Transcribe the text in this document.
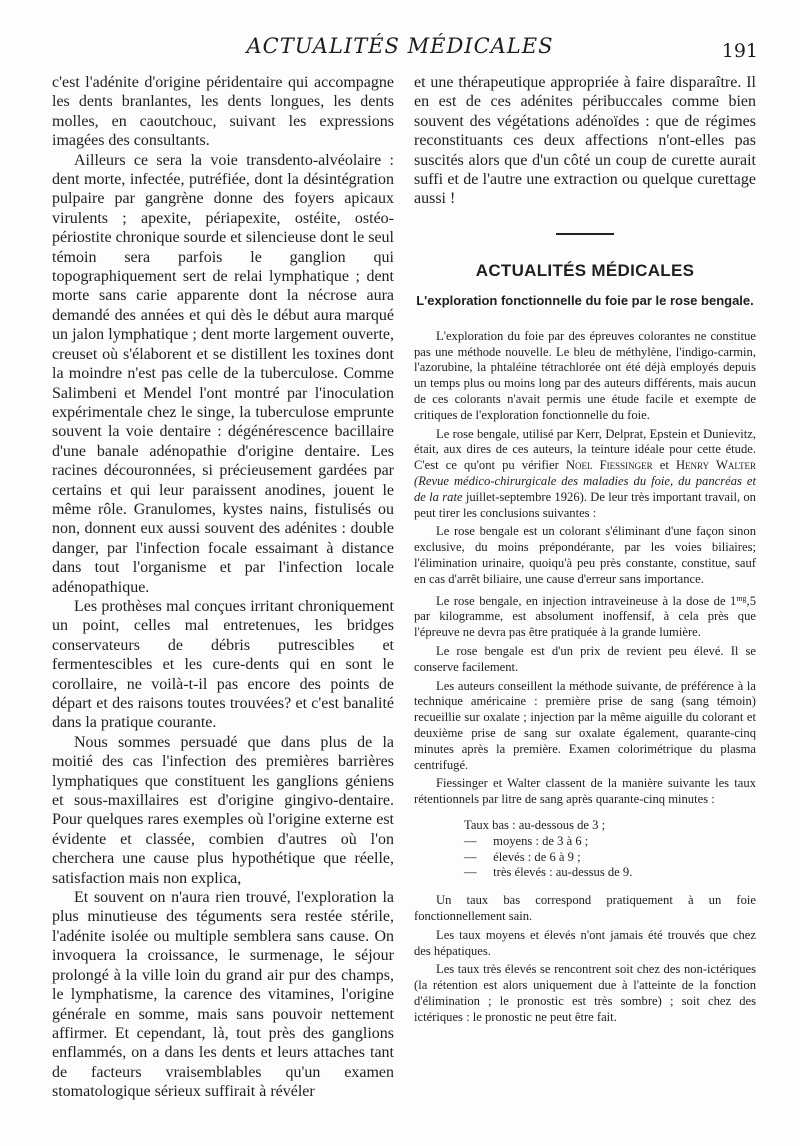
ACTUALITÉS MÉDICALES	191

c'est l'adénite d'origine péridentaire qui accompagne les dents branlantes, les dents longues, les dents molles, en caoutchouc, suivant les expressions imagées des consultants.

Ailleurs ce sera la voie transdento-alvéolaire : dent morte, infectée, putréfiée, dont la désintégration pulpaire par gangrène donne des foyers apicaux virulents ; apexite, périapexite, ostéite, ostéo-périostite chronique sourde et silencieuse dont le seul témoin sera parfois le ganglion qui topographiquement sert de relai lymphatique ; dent morte sans carie apparente dont la nécrose aura demandé des années et qui dès le début aura marqué un jalon lymphatique ; dent morte largement ouverte, creuset où s'élaborent et se distillent les toxines dont la moindre n'est pas celle de la tuberculose. Comme Salimbeni et Mendel l'ont montré par l'inoculation expérimentale chez le singe, la tuberculose emprunte souvent la voie dentaire : dégénérescence bacillaire d'une banale adénopathie d'origine dentaire. Les racines découronnées, si précieusement gardées par certains et qui leur paraissent anodines, jouent le même rôle. Granulomes, kystes nains, fistulisés ou non, donnent eux aussi souvent des adénites : double danger, par l'infection focale essaimant à distance dans tout l'organisme et par l'infection locale adénopathique.

Les prothèses mal conçues irritant chroniquement un point, celles mal entretenues, les bridges conservateurs de débris putrescibles et fermentescibles et les cure-dents qui en sont le corollaire, ne voilà-t-il pas encore des points de départ et des raisons toutes trouvées? et c'est banalité dans la pratique courante.

Nous sommes persuadé que dans plus de la moitié des cas l'infection des premières barrières lymphatiques que constituent les ganglions géniens et sous-maxillaires est d'origine gingivo-dentaire. Pour quelques rares exemples où l'origine externe est évidente et classée, combien d'autres où l'on cherchera une cause plus hypothétique que réelle, satisfaction mais non explica,

Et souvent on n'aura rien trouvé, l'exploration la plus minutieuse des téguments sera restée stérile, l'adénite isolée ou multiple semblera sans cause. On invoquera la croissance, le surmenage, le séjour prolongé à la ville loin du grand air pur des champs, le lymphatisme, la carence des vitamines, l'origine générale en somme, mais sans pouvoir nettement affirmer. Et cependant, là, tout près des ganglions enflammés, on a dans les dents et leurs attaches tant de facteurs vraisemblables qu'un examen stomatologique sérieux suffirait à révéler

et une thérapeutique appropriée à faire disparaître. Il en est de ces adénites péribuccales comme bien souvent des végétations adénoïdes : que de régimes reconstituants ces deux affections n'ont-elles pas suscités alors que d'un côté un coup de curette aurait suffi et de l'autre une extraction ou quelque curettage aussi !

ACTUALITÉS MÉDICALES
L'exploration fonctionnelle du foie par le rose bengale.

L'exploration du foie par des épreuves colorantes ne constitue pas une méthode nouvelle. Le bleu de méthylène, l'indigo-carmin, l'azorubine, la phtaléine tétrachlorée ont été déjà employés depuis un temps plus ou moins long par des auteurs différents, mais aucun de ces colorants n'avait permis une étude facile et exempte de critiques de l'exploration fonctionnelle du foie.

Le rose bengale, utilisé par Kerr, Delprat, Epstein et Dunievitz, était, aux dires de ces auteurs, la teinture idéale pour cette étude. C'est ce qu'ont pu vérifier Noel Fiessinger et Henry Walter (Revue médico-chirurgicale des maladies du foie, du pancréas et de la rate juillet-septembre 1926). De leur très important travail, on peut tirer les conclusions suivantes :

Le rose bengale est un colorant s'éliminant d'une façon sinon exclusive, du moins prépondérante, par les voies biliaires; l'élimination urinaire, quoiqu'à peu près constante, constitue, sauf en cas d'arrêt biliaire, une cause d'erreur sans importance.

Le rose bengale, en injection intraveineuse à la dose de $1^{mg},5$ par kilogramme, est absolument inoffensif, à cela près que l'épreuve ne devra pas être pratiquée à la grande lumière.

Le rose bengale est d'un prix de revient peu élevé. Il se conserve facilement.

Les auteurs conseillent la méthode suivante, de préférence à la technique américaine : première prise de sang (sang témoin) recueillie sur oxalate ; injection par la même aiguille du colorant et deuxième prise de sang sur oxalate également, quarante-cinq minutes après la première. Examen colorimétrique du plasma centrifugé.

Fiessinger et Walter classent de la manière suivante les taux rétentionnels par litre de sang après quarante-cinq minutes :

Taux bas : au-dessous de 3 ;
— moyens : de 3 à 6 ;
— élevés : de 6 à 9 ;
— très élevés : au-dessus de 9.

Un taux bas correspond pratiquement à un foie fonctionnellement sain.

Les taux moyens et élevés n'ont jamais été trouvés que chez des hépatiques.

Les taux très élevés se rencontrent soit chez des non-ictériques (la rétention est alors uniquement due à l'atteinte de la fonction d'élimination ; le pronostic est très sombre) ; soit chez des ictériques : le pronostic ne peut être fait.
